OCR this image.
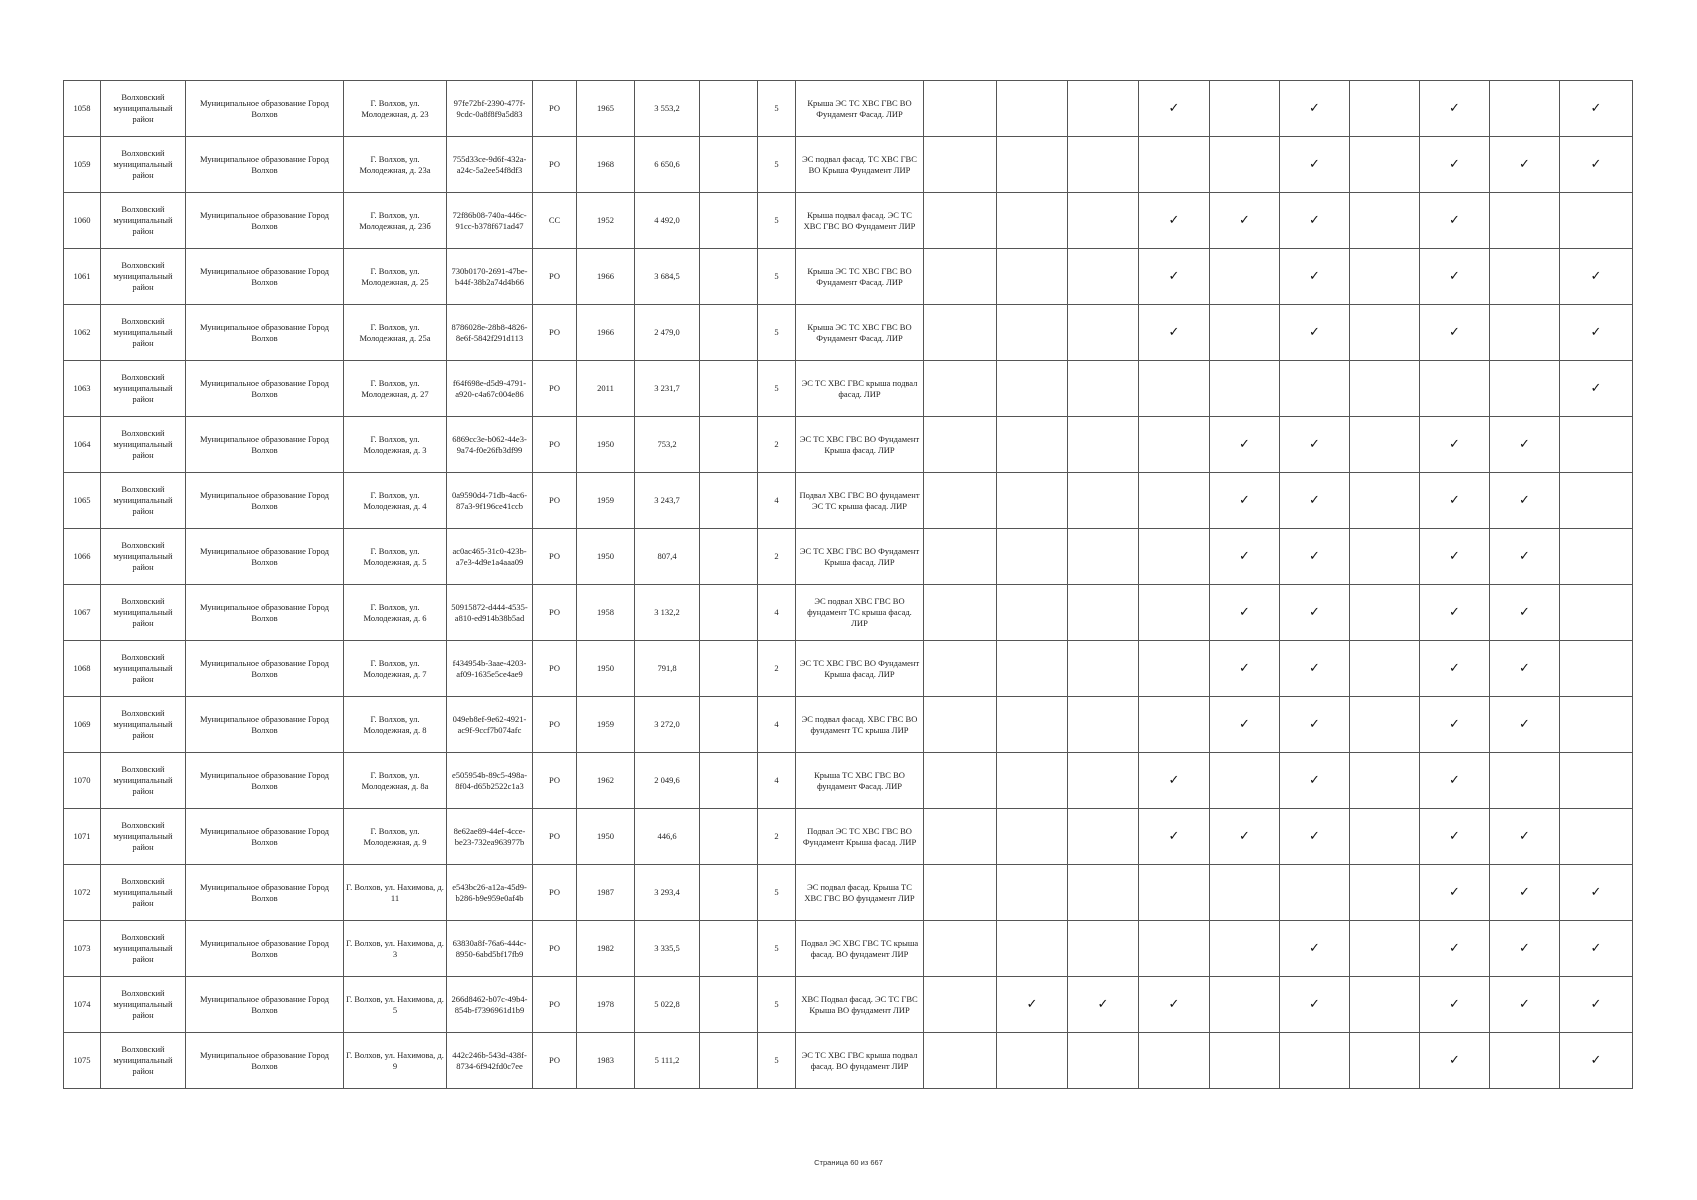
1058	Волховский муниципальный район	Муниципальное образование Город Волхов	Г. Волхов, ул. Молодежная, д. 23	97fe72bf-2390-477f-9cdc-0a8f8f9a5d83	РО	1965	3 553,2		5	Крыша ЭС ТС ХВС ГВС ВО Фундамент Фасад. ЛИР				✓		✓		✓		✓
1059	Волховский муниципальный район	Муниципальное образование Город Волхов	Г. Волхов, ул. Молодежная, д. 23а	755d33ce-9d6f-432a-a24c-5a2ee54f8df3	РО	1968	6 650,6		5	ЭС подвал фасад. ТС ХВС ГВС ВО Крыша Фундамент ЛИР						✓		✓	✓	✓
1060	Волховский муниципальный район	Муниципальное образование Город Волхов	Г. Волхов, ул. Молодежная, д. 23б	72f86b08-740a-446c-91cc-b378f671ad47	СС	1952	4 492,0		5	Крыша подвал фасад. ЭС ТС ХВС ГВС ВО Фундамент ЛИР				✓	✓	✓		✓		
1061	Волховский муниципальный район	Муниципальное образование Город Волхов	Г. Волхов, ул. Молодежная, д. 25	730b0170-2691-47be-b44f-38b2a74d4b66	РО	1966	3 684,5		5	Крыша ЭС ТС ХВС ГВС ВО Фундамент Фасад. ЛИР				✓		✓		✓		✓
1062	Волховский муниципальный район	Муниципальное образование Город Волхов	Г. Волхов, ул. Молодежная, д. 25а	8786028e-28b8-4826-8e6f-5842f291d113	РО	1966	2 479,0		5	Крыша ЭС ТС ХВС ГВС ВО Фундамент Фасад. ЛИР				✓		✓		✓		✓
1063	Волховский муниципальный район	Муниципальное образование Город Волхов	Г. Волхов, ул. Молодежная, д. 27	f64f698e-d5d9-4791-a920-c4a67c004e86	РО	2011	3 231,7		5	ЭС ТС ХВС ГВС крыша подвал фасад. ЛИР										✓
1064	Волховский муниципальный район	Муниципальное образование Город Волхов	Г. Волхов, ул. Молодежная, д. 3	6869cc3e-b062-44e3-9a74-f0e26fb3df99	РО	1950	753,2		2	ЭС ТС ХВС ГВС ВО Фундамент Крыша фасад. ЛИР					✓	✓		✓	✓	
1065	Волховский муниципальный район	Муниципальное образование Город Волхов	Г. Волхов, ул. Молодежная, д. 4	0a9590d4-71db-4ac6-87a3-9f196ce41ccb	РО	1959	3 243,7		4	Подвал ХВС ГВС ВО фундамент ЭС ТС крыша фасад. ЛИР					✓	✓		✓	✓	
1066	Волховский муниципальный район	Муниципальное образование Город Волхов	Г. Волхов, ул. Молодежная, д. 5	ac0ac465-31c0-423b-a7e3-4d9e1a4aaa09	РО	1950	807,4		2	ЭС ТС ХВС ГВС ВО Фундамент Крыша фасад. ЛИР					✓	✓		✓	✓	
1067	Волховский муниципальный район	Муниципальное образование Город Волхов	Г. Волхов, ул. Молодежная, д. 6	50915872-d444-4535-a810-ed914b38b5ad	РО	1958	3 132,2		4	ЭС подвал ХВС ГВС ВО фундамент ТС крыша фасад. ЛИР					✓	✓		✓	✓	
1068	Волховский муниципальный район	Муниципальное образование Город Волхов	Г. Волхов, ул. Молодежная, д. 7	f434954b-3aae-4203-af09-1635e5ce4ae9	РО	1950	791,8		2	ЭС ТС ХВС ГВС ВО Фундамент Крыша фасад. ЛИР					✓	✓		✓	✓	
1069	Волховский муниципальный район	Муниципальное образование Город Волхов	Г. Волхов, ул. Молодежная, д. 8	049eb8ef-9e62-4921-ac9f-9ccf7b074afc	РО	1959	3 272,0		4	ЭС подвал фасад. ХВС ГВС ВО фундамент ТС крыша ЛИР					✓	✓		✓	✓	
1070	Волховский муниципальный район	Муниципальное образование Город Волхов	Г. Волхов, ул. Молодежная, д. 8а	e505954b-89c5-498a-8f04-d65b2522c1a3	РО	1962	2 049,6		4	Крыша ТС ХВС ГВС ВО фундамент Фасад. ЛИР				✓		✓		✓		
1071	Волховский муниципальный район	Муниципальное образование Город Волхов	Г. Волхов, ул. Молодежная, д. 9	8e62ae89-44ef-4cce-be23-732ea963977b	РО	1950	446,6		2	Подвал ЭС ТС ХВС ГВС ВО Фундамент Крыша фасад. ЛИР				✓	✓	✓		✓	✓	
1072	Волховский муниципальный район	Муниципальное образование Город Волхов	Г. Волхов, ул. Нахимова, д. 11	e543bc26-a12a-45d9-b286-b9e959e0af4b	РО	1987	3 293,4		5	ЭС подвал фасад. Крыша ТС ХВС ГВС ВО фундамент ЛИР								✓	✓	✓
1073	Волховский муниципальный район	Муниципальное образование Город Волхов	Г. Волхов, ул. Нахимова, д. 3	63830a8f-76a6-444c-8950-6abd5bf17fb9	РО	1982	3 335,5		5	Подвал ЭС ХВС ГВС ТС крыша фасад. ВО фундамент ЛИР						✓		✓	✓	✓
1074	Волховский муниципальный район	Муниципальное образование Город Волхов	Г. Волхов, ул. Нахимова, д. 5	266d8462-b07c-49b4-854b-f7396961d1b9	РО	1978	5 022,8		5	ХВС Подвал фасад. ЭС ТС ГВС Крыша ВО фундамент ЛИР		✓	✓	✓		✓		✓	✓	✓
1075	Волховский муниципальный район	Муниципальное образование Город Волхов	Г. Волхов, ул. Нахимова, д. 9	442c246b-543d-438f-8734-6f942fd0c7ee	РО	1983	5 111,2		5	ЭС ТС ХВС ГВС крыша подвал фасад. ВО фундамент ЛИР								✓		✓
Страница 60 из 667
